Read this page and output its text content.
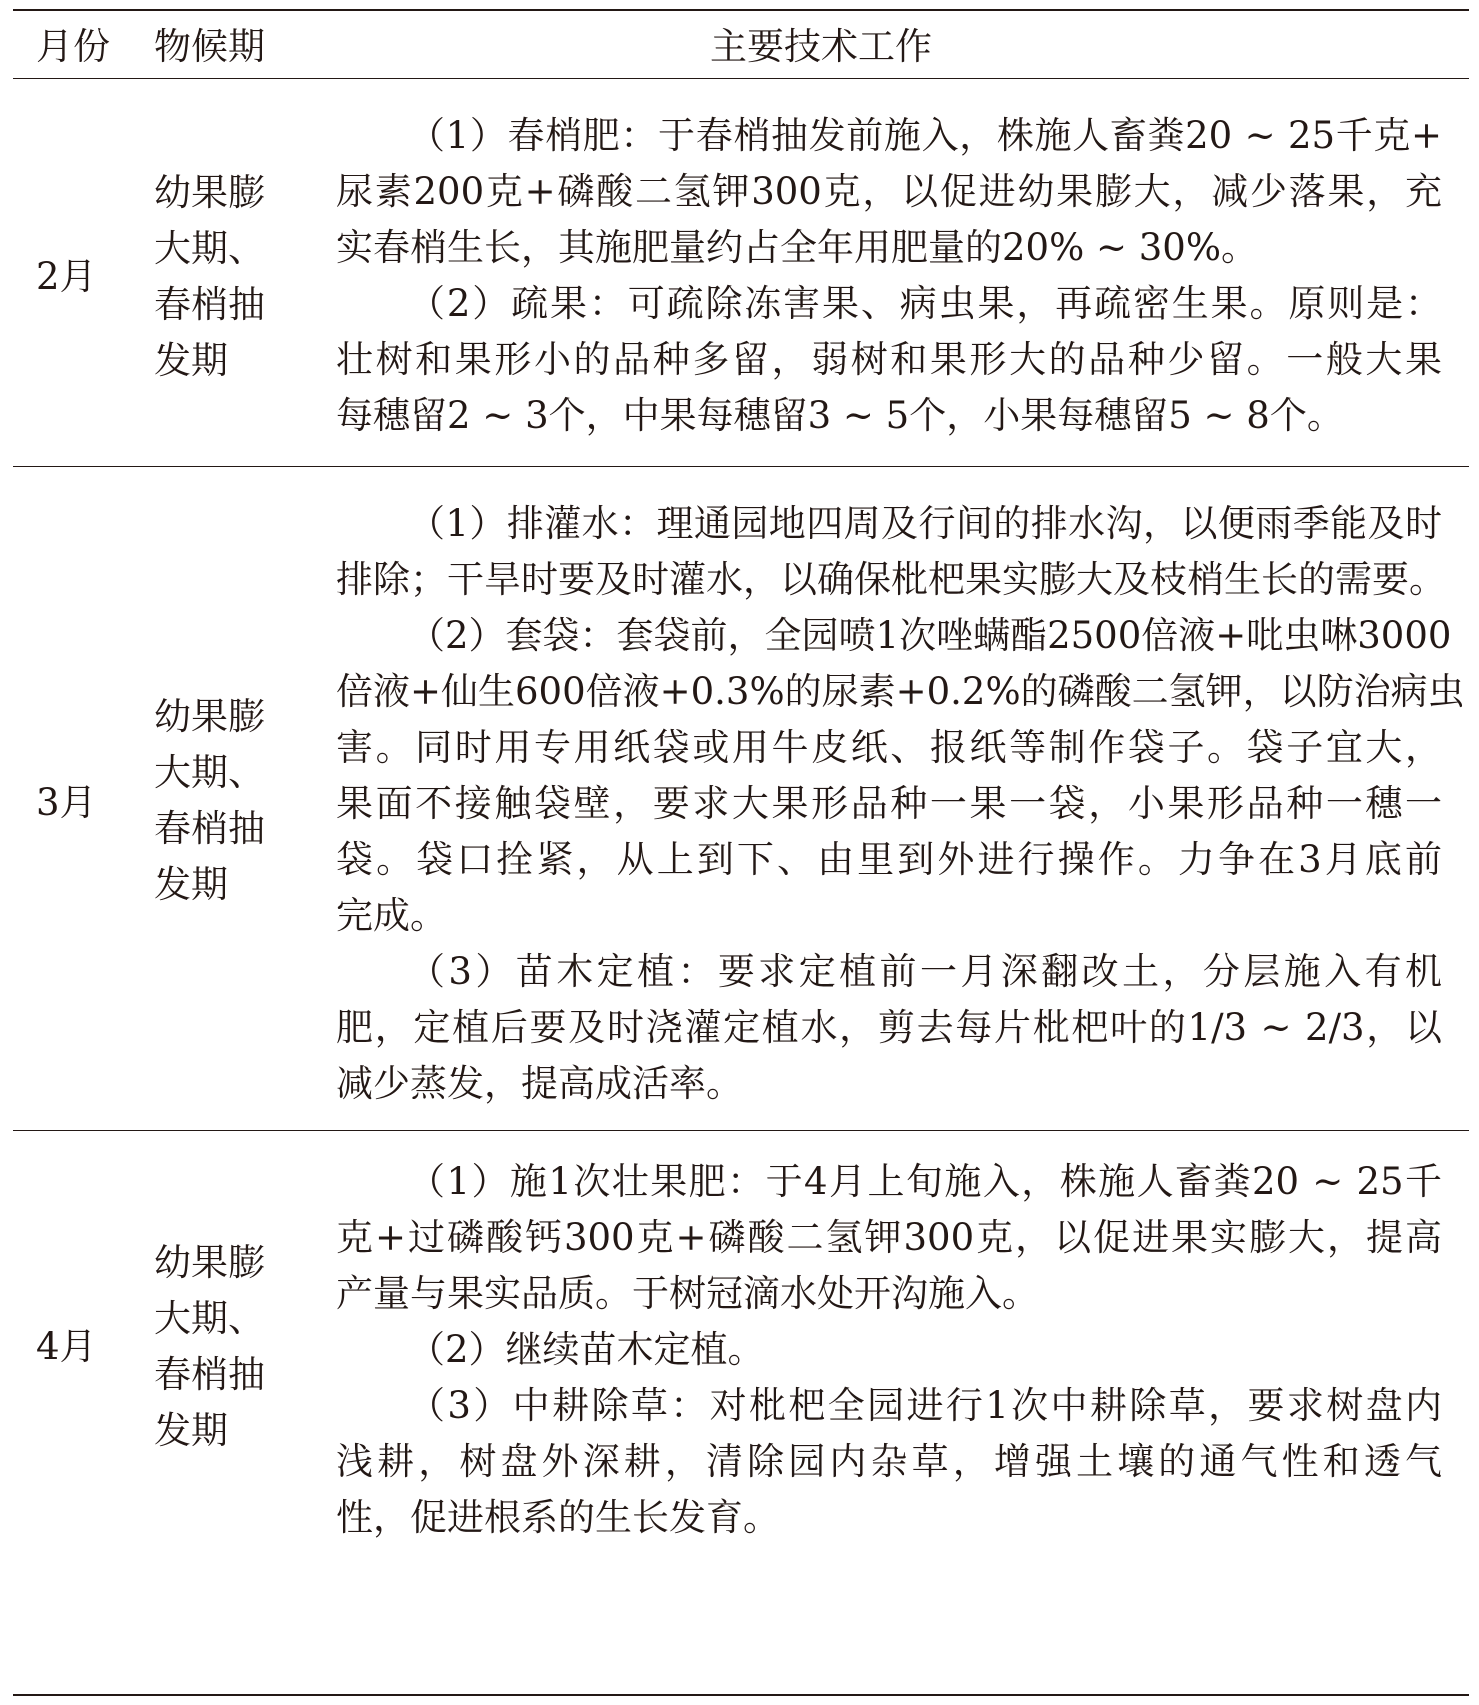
月份 物候期	主要技术工作
2月
幼果膨
大期、
春梢抽
发期
（1）春梢肥：于春梢抽发前施入，株施人畜粪20 ~ 25千克+
尿素200克+磷酸二氢钾300克，以促进幼果膨大，减少落果，充
实春梢生长，其施肥量约占全年用肥量的20% ~ 30%。
（2）疏果：可疏除冻害果、病虫果，再疏密生果。原则是：
壮树和果形小的品种多留，弱树和果形大的品种少留。一般大果
每穗留2 ~ 3个，中果每穗留3 ~ 5个，小果每穗留5 ~ 8个。
3月
幼果膨
大期、
春梢抽
发期
（1）排灌水：理通园地四周及行间的排水沟，以便雨季能及时
排除；干旱时要及时灌水，以确保枇杷果实膨大及枝梢生长的需要。
（2）套袋：套袋前，全园喷1次唑螨酯2500倍液+吡虫啉3000
倍液+仙生600倍液+0.3%的尿素+0.2%的磷酸二氢钾，以防治病虫
害。同时用专用纸袋或用牛皮纸、报纸等制作袋子。袋子宜大，
果面不接触袋壁，要求大果形品种一果一袋，小果形品种一穗一
袋。袋口拴紧，从上到下、由里到外进行操作。力争在3月底前
完成。
（3）苗木定植：要求定植前一月深翻改土，分层施入有机
肥，定植后要及时浇灌定植水，剪去每片枇杷叶的1/3 ~ 2/3，以
减少蒸发，提高成活率。
4月
幼果膨
大期、
春梢抽
发期
（1）施1次壮果肥：于4月上旬施入，株施人畜粪20 ~ 25千
克+过磷酸钙300克+磷酸二氢钾300克，以促进果实膨大，提高
产量与果实品质。于树冠滴水处开沟施入。
（2）继续苗木定植。
（3）中耕除草：对枇杷全园进行1次中耕除草，要求树盘内
浅耕，树盘外深耕，清除园内杂草，增强土壤的通气性和透气
性，促进根系的生长发育。
